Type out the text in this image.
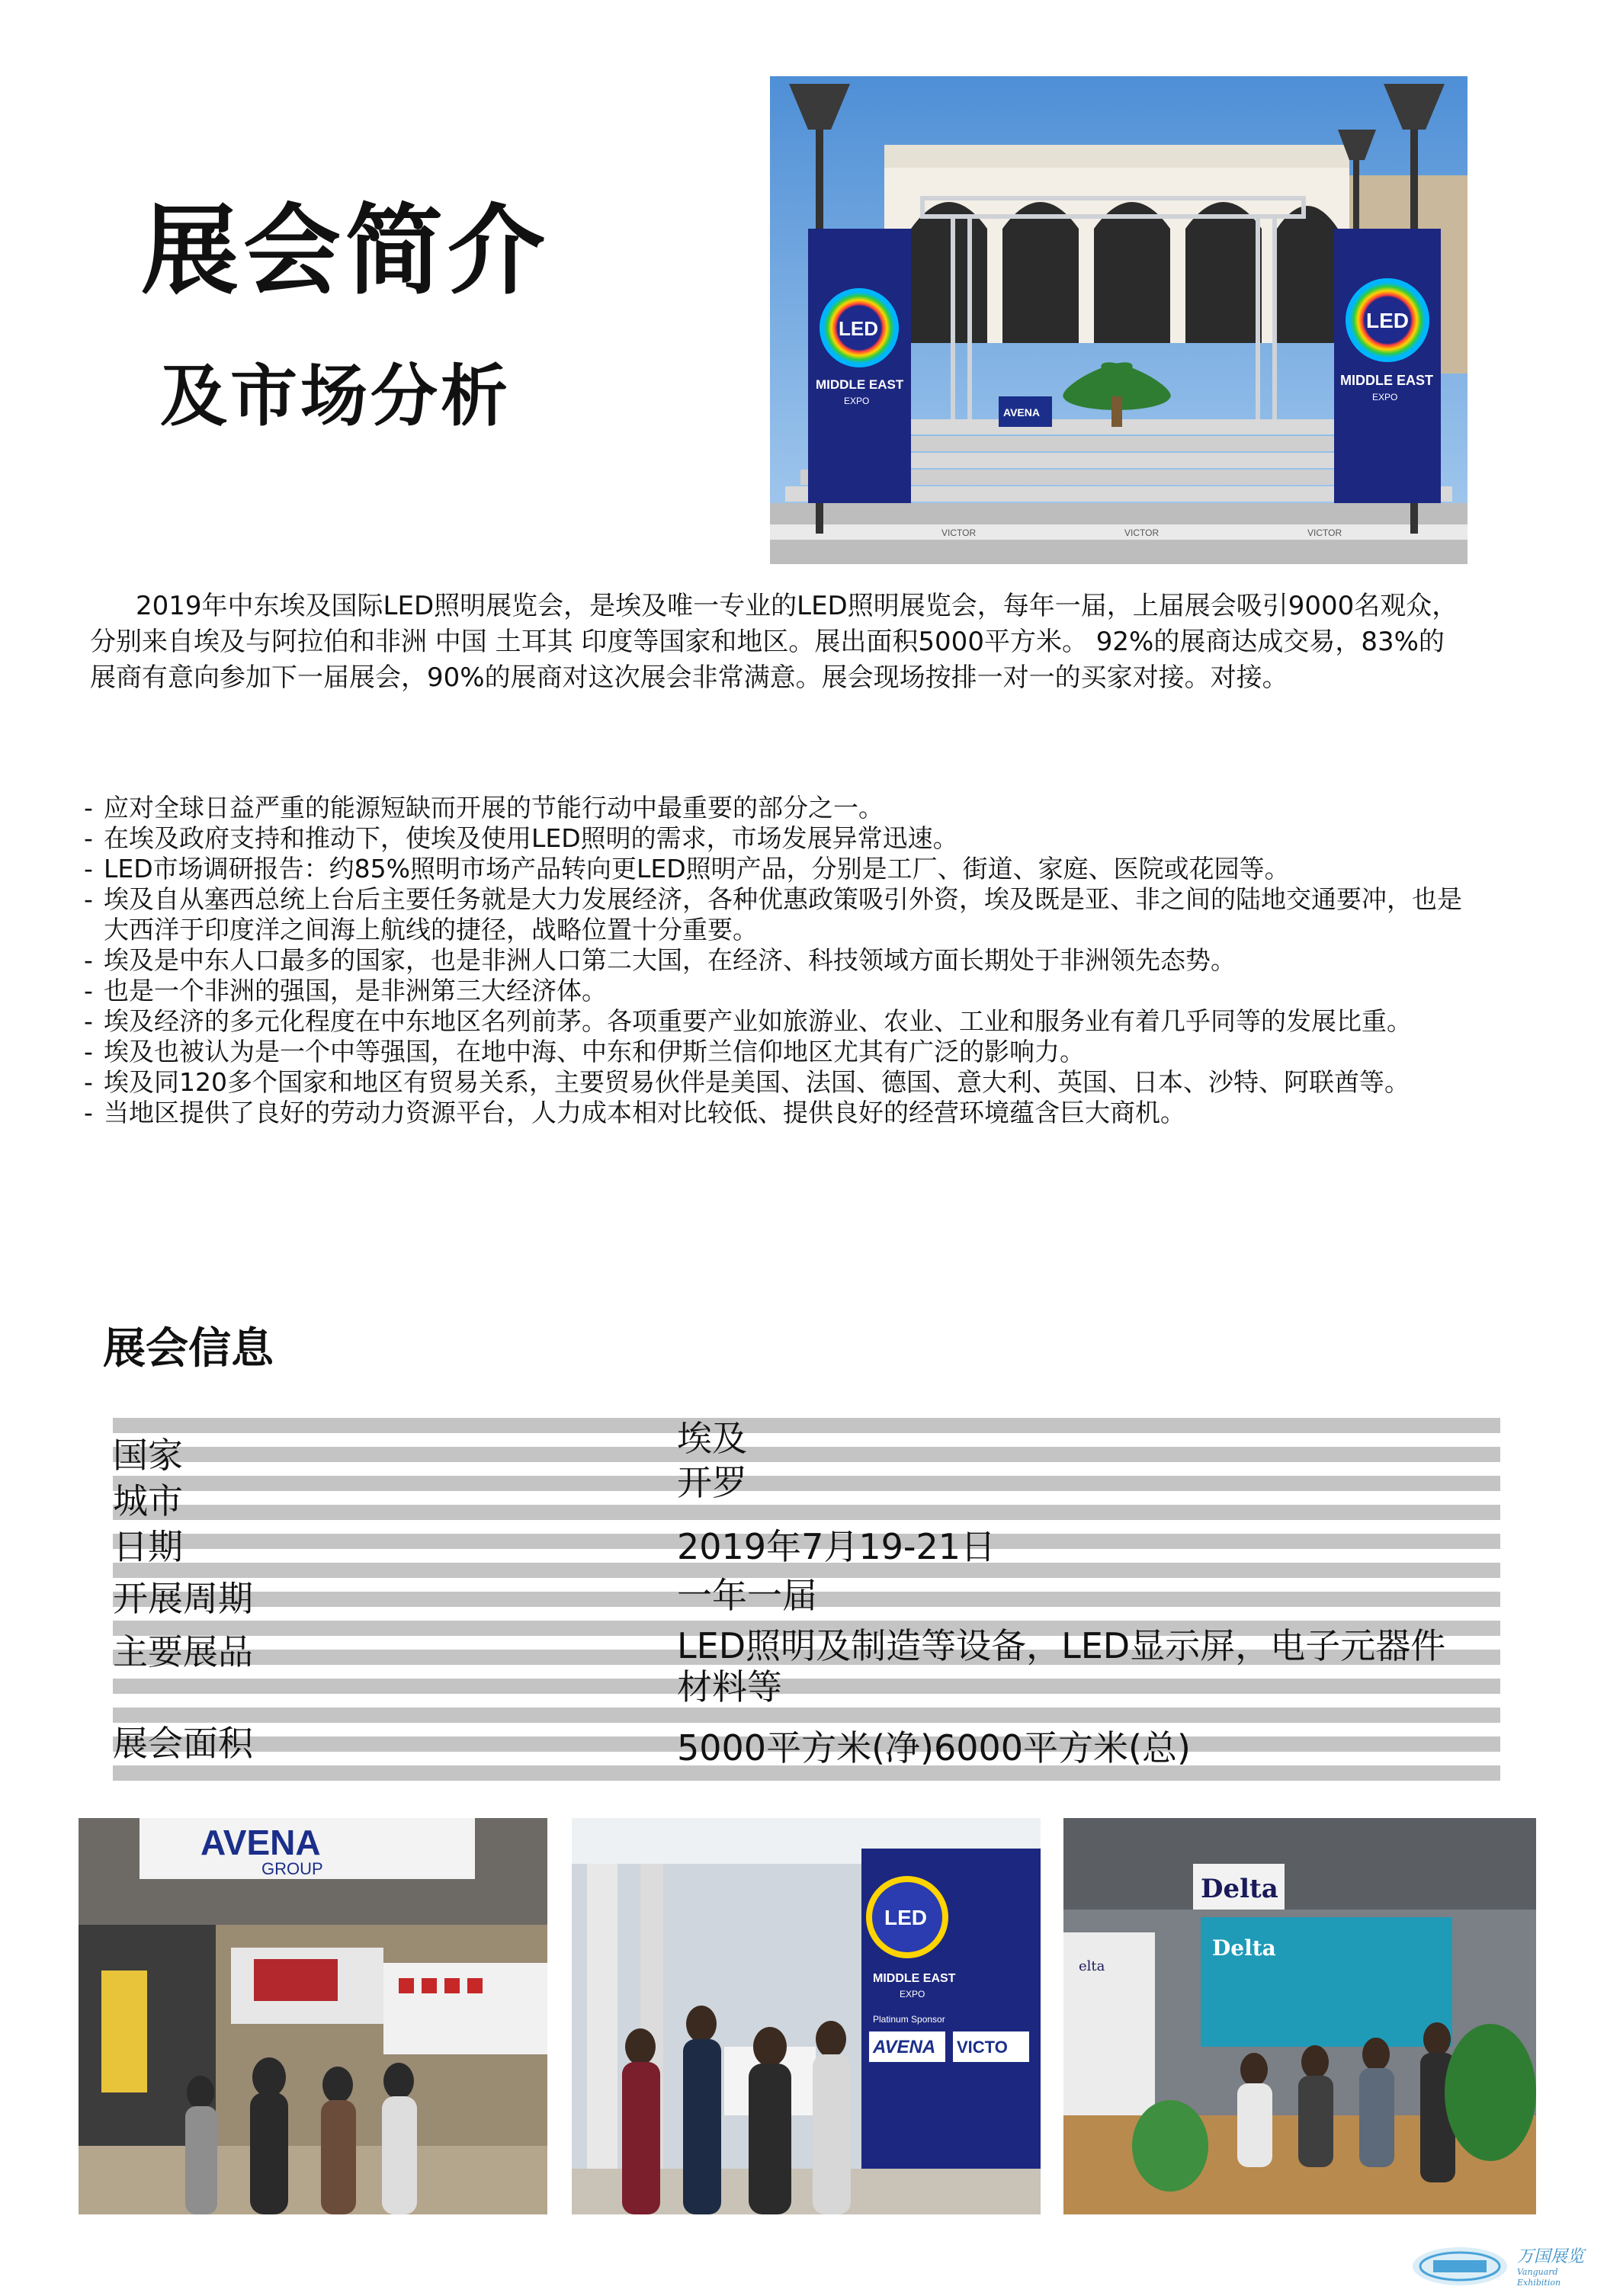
展会简介
及市场分析
VICTOR	VICTOR	VICTOR
AVENA
LED
MIDDLE EAST
EXPO
LED
MIDDLE EAST
EXPO

2019年中东埃及国际LED照明展览会，是埃及唯一专业的LED照明展览会，每年一届，上届展会吸引9000名观众，分别来自埃及与阿拉伯和非洲 中国 土耳其 印度等国家和地区。展出面积5000平方米。 92%的展商达成交易，83%的展商有意向参加下一届展会，90%的展商对这次展会非常满意。展会现场按排一对一的买家对接。对接。

- 应对全球日益严重的能源短缺而开展的节能行动中最重要的部分之一。
- 在埃及政府支持和推动下，使埃及使用LED照明的需求，市场发展异常迅速。
- LED市场调研报告：约85%照明市场产品转向更LED照明产品，分别是工厂、街道、家庭、医院或花园等。
- 埃及自从塞西总统上台后主要任务就是大力发展经济，各种优惠政策吸引外资，埃及既是亚、非之间的陆地交通要冲，也是大西洋于印度洋之间海上航线的捷径，战略位置十分重要。
- 埃及是中东人口最多的国家，也是非洲人口第二大国，在经济、科技领域方面长期处于非洲领先态势。
- 也是一个非洲的强国，是非洲第三大经济体。
- 埃及经济的多元化程度在中东地区名列前茅。各项重要产业如旅游业、农业、工业和服务业有着几乎同等的发展比重。
- 埃及也被认为是一个中等强国，在地中海、中东和伊斯兰信仰地区尤其有广泛的影响力。
- 埃及同120多个国家和地区有贸易关系，主要贸易伙伴是美国、法国、德国、意大利、英国、日本、沙特、阿联酋等。
- 当地区提供了良好的劳动力资源平台，人力成本相对比较低、提供良好的经营环境蕴含巨大商机。
展会信息
国家	埃及
城市	开罗
日期	2019年7月19-21日
开展周期	一年一届
主要展品	LED照明及制造等设备，LED显示屏，电子元器件材料等
展会面积	5000平方米(净)6000平方米(总)
AVENA
GROUP
LED
MIDDLE EAST
EXPO
Platinum Sponsor
AVENA VICTO
Delta
Delta
elta
万国展览
Vanguard Exhibition
